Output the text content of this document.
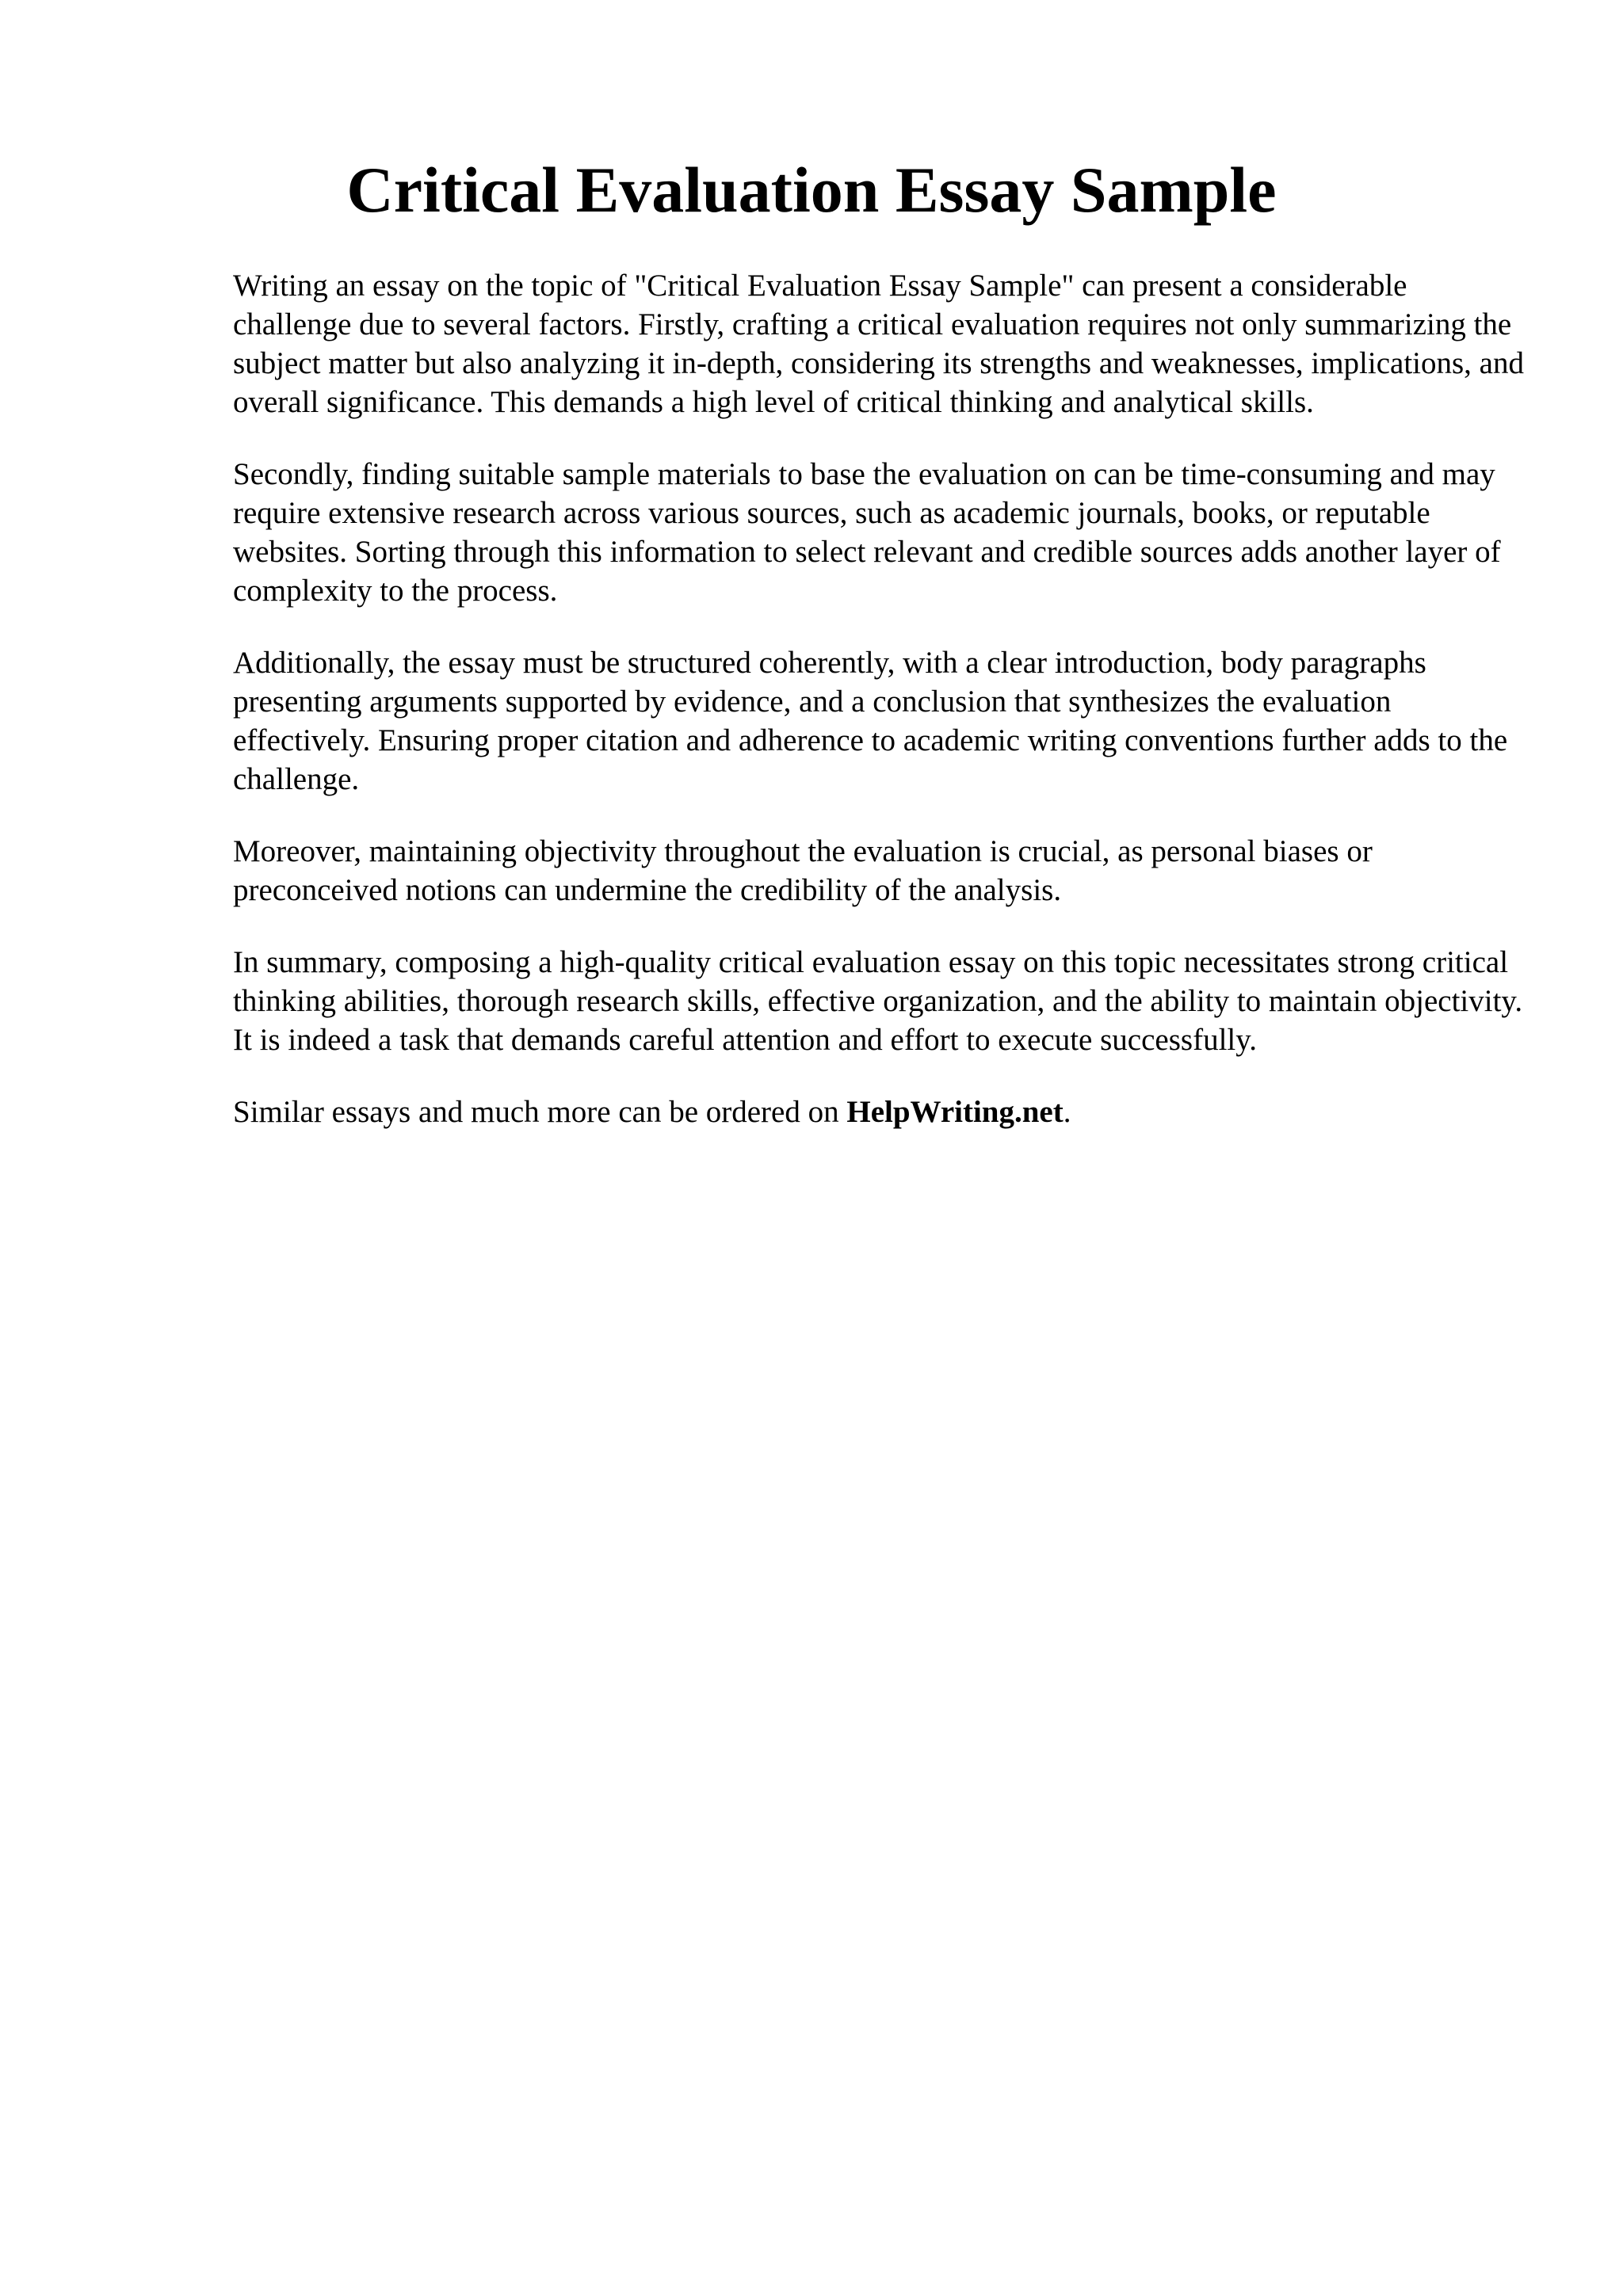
Critical Evaluation Essay Sample

Writing an essay on the topic of "Critical Evaluation Essay Sample" can present a considerable challenge due to several factors. Firstly, crafting a critical evaluation requires not only summarizing the subject matter but also analyzing it in-depth, considering its strengths and weaknesses, implications, and overall significance. This demands a high level of critical thinking and analytical skills.

Secondly, finding suitable sample materials to base the evaluation on can be time-consuming and may require extensive research across various sources, such as academic journals, books, or reputable websites. Sorting through this information to select relevant and credible sources adds another layer of complexity to the process.

Additionally, the essay must be structured coherently, with a clear introduction, body paragraphs presenting arguments supported by evidence, and a conclusion that synthesizes the evaluation effectively. Ensuring proper citation and adherence to academic writing conventions further adds to the challenge.

Moreover, maintaining objectivity throughout the evaluation is crucial, as personal biases or preconceived notions can undermine the credibility of the analysis.

In summary, composing a high-quality critical evaluation essay on this topic necessitates strong critical thinking abilities, thorough research skills, effective organization, and the ability to maintain objectivity. It is indeed a task that demands careful attention and effort to execute successfully.

Similar essays and much more can be ordered on HelpWriting.net.
